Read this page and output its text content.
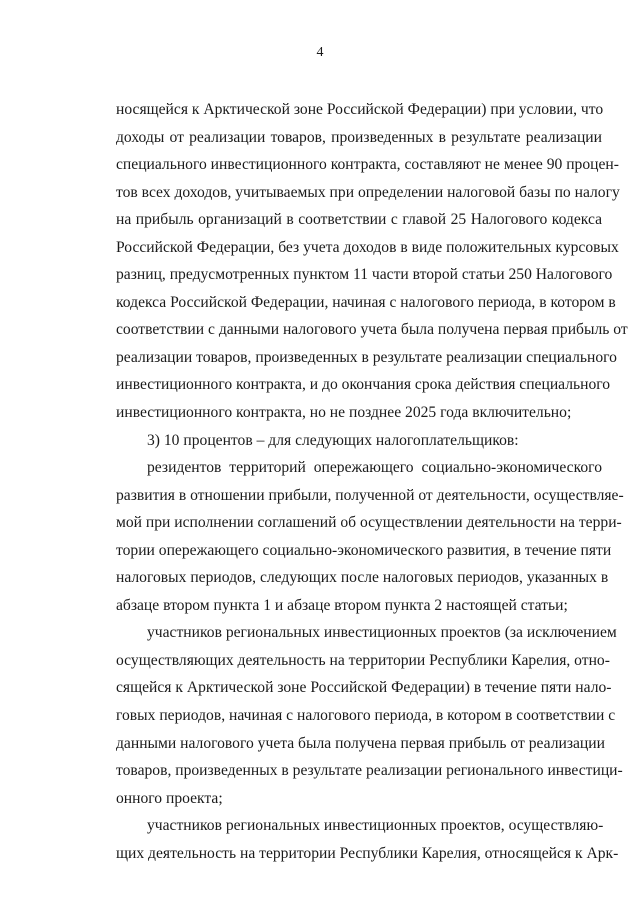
4
носящейся к Арктической зоне Российской Федерации) при условии, что
доходы от реализации товаров, произведенных в результате реализации
специального инвестиционного контракта, составляют не менее 90 процен-
тов всех доходов, учитываемых при определении налоговой базы по налогу
на прибыль организаций в соответствии с главой 25 Налогового кодекса
Российской Федерации, без учета доходов в виде положительных курсовых
разниц, предусмотренных пунктом 11 части второй статьи 250 Налогового
кодекса Российской Федерации, начиная с налогового периода, в котором в
соответствии с данными налогового учета была получена первая прибыль от
реализации товаров, произведенных в результате реализации специального
инвестиционного контракта, и до окончания срока действия специального
инвестиционного контракта, но не позднее 2025 года включительно;
3) 10 процентов – для следующих налогоплательщиков:
резидентов территорий опережающего социально-экономического
развития в отношении прибыли, полученной от деятельности, осуществляе-
мой при исполнении соглашений об осуществлении деятельности на терри-
тории опережающего социально-экономического развития, в течение пяти
налоговых периодов, следующих после налоговых периодов, указанных в
абзаце втором пункта 1 и абзаце втором пункта 2 настоящей статьи;
участников региональных инвестиционных проектов (за исключением
осуществляющих деятельность на территории Республики Карелия, отно-
сящейся к Арктической зоне Российской Федерации) в течение пяти нало-
говых периодов, начиная с налогового периода, в котором в соответствии с
данными налогового учета была получена первая прибыль от реализации
товаров, произведенных в результате реализации регионального инвестици-
онного проекта;
участников региональных инвестиционных проектов, осуществляю-
щих деятельность на территории Республики Карелия, относящейся к Арк-
